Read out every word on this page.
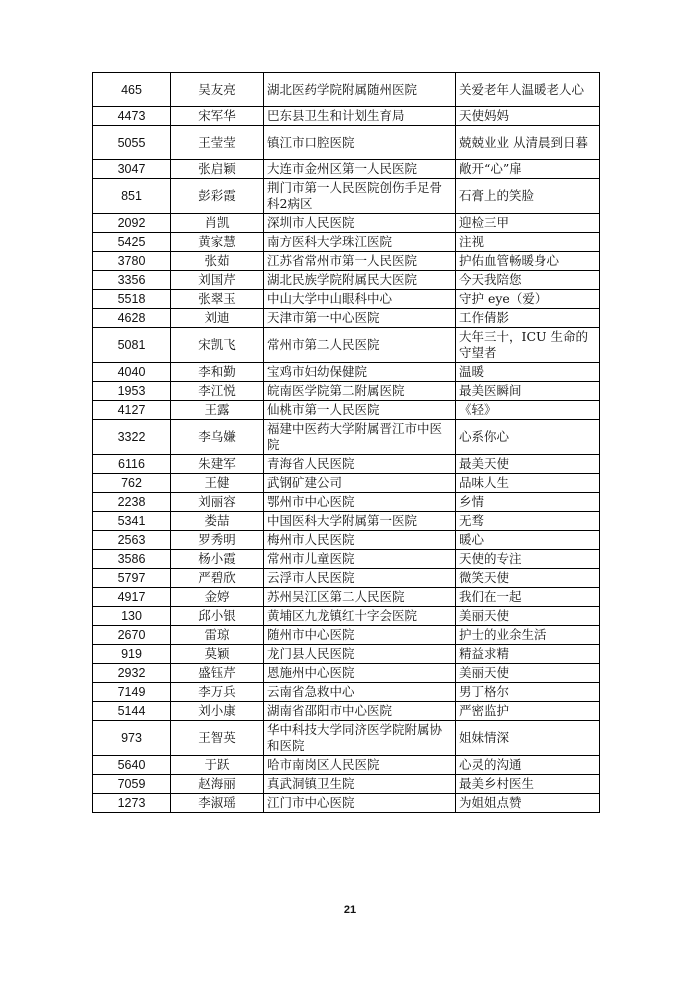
465	吴友亮	湖北医药学院附属随州医院	关爱老年人温暖老人心
4473	宋军华	巴东县卫生和计划生育局	天使妈妈
5055	王莹莹	镇江市口腔医院	兢兢业业 从清晨到日暮
3047	张启颖	大连市金州区第一人民医院	敞开“心”扉
851	彭彩霞	荆门市第一人民医院创伤手足骨科2病区	石膏上的笑脸
2092	肖凯	深圳市人民医院	迎检三甲
5425	黄家慧	南方医科大学珠江医院	注视
3780	张茹	江苏省常州市第一人民医院	护佑血管畅暖身心
3356	刘国芹	湖北民族学院附属民大医院	今天我陪您
5518	张翠玉	中山大学中山眼科中心	守护 eye（爱）
4628	刘迪	天津市第一中心医院	工作倩影
5081	宋凯飞	常州市第二人民医院	大年三十，ICU 生命的守望者
4040	李和勤	宝鸡市妇幼保健院	温暖
1953	李江悦	皖南医学院第二附属医院	最美医瞬间
4127	王露	仙桃市第一人民医院	《轻》
3322	李乌嫌	福建中医药大学附属晋江市中医院	心系你心
6116	朱建军	青海省人民医院	最美天使
762	王健	武钢矿建公司	品味人生
2238	刘丽容	鄂州市中心医院	乡情
5341	娄喆	中国医科大学附属第一医院	无骛
2563	罗秀明	梅州市人民医院	暖心
3586	杨小霞	常州市儿童医院	天使的专注
5797	严碧欣	云浮市人民医院	微笑天使
4917	金婷	苏州吴江区第二人民医院	我们在一起
130	邱小银	黄埔区九龙镇红十字会医院	美丽天使
2670	雷琼	随州市中心医院	护士的业余生活
919	莫颖	龙门县人民医院	精益求精
2932	盛钰芹	恩施州中心医院	美丽天使
7149	李万兵	云南省急救中心	男丁格尔
5144	刘小康	湖南省邵阳市中心医院	严密监护
973	王智英	华中科技大学同济医学院附属协和医院	姐妹情深
5640	于跃	哈市南岗区人民医院	心灵的沟通
7059	赵海丽	真武洞镇卫生院	最美乡村医生
1273	李淑瑶	江门市中心医院	为姐姐点赞
21
